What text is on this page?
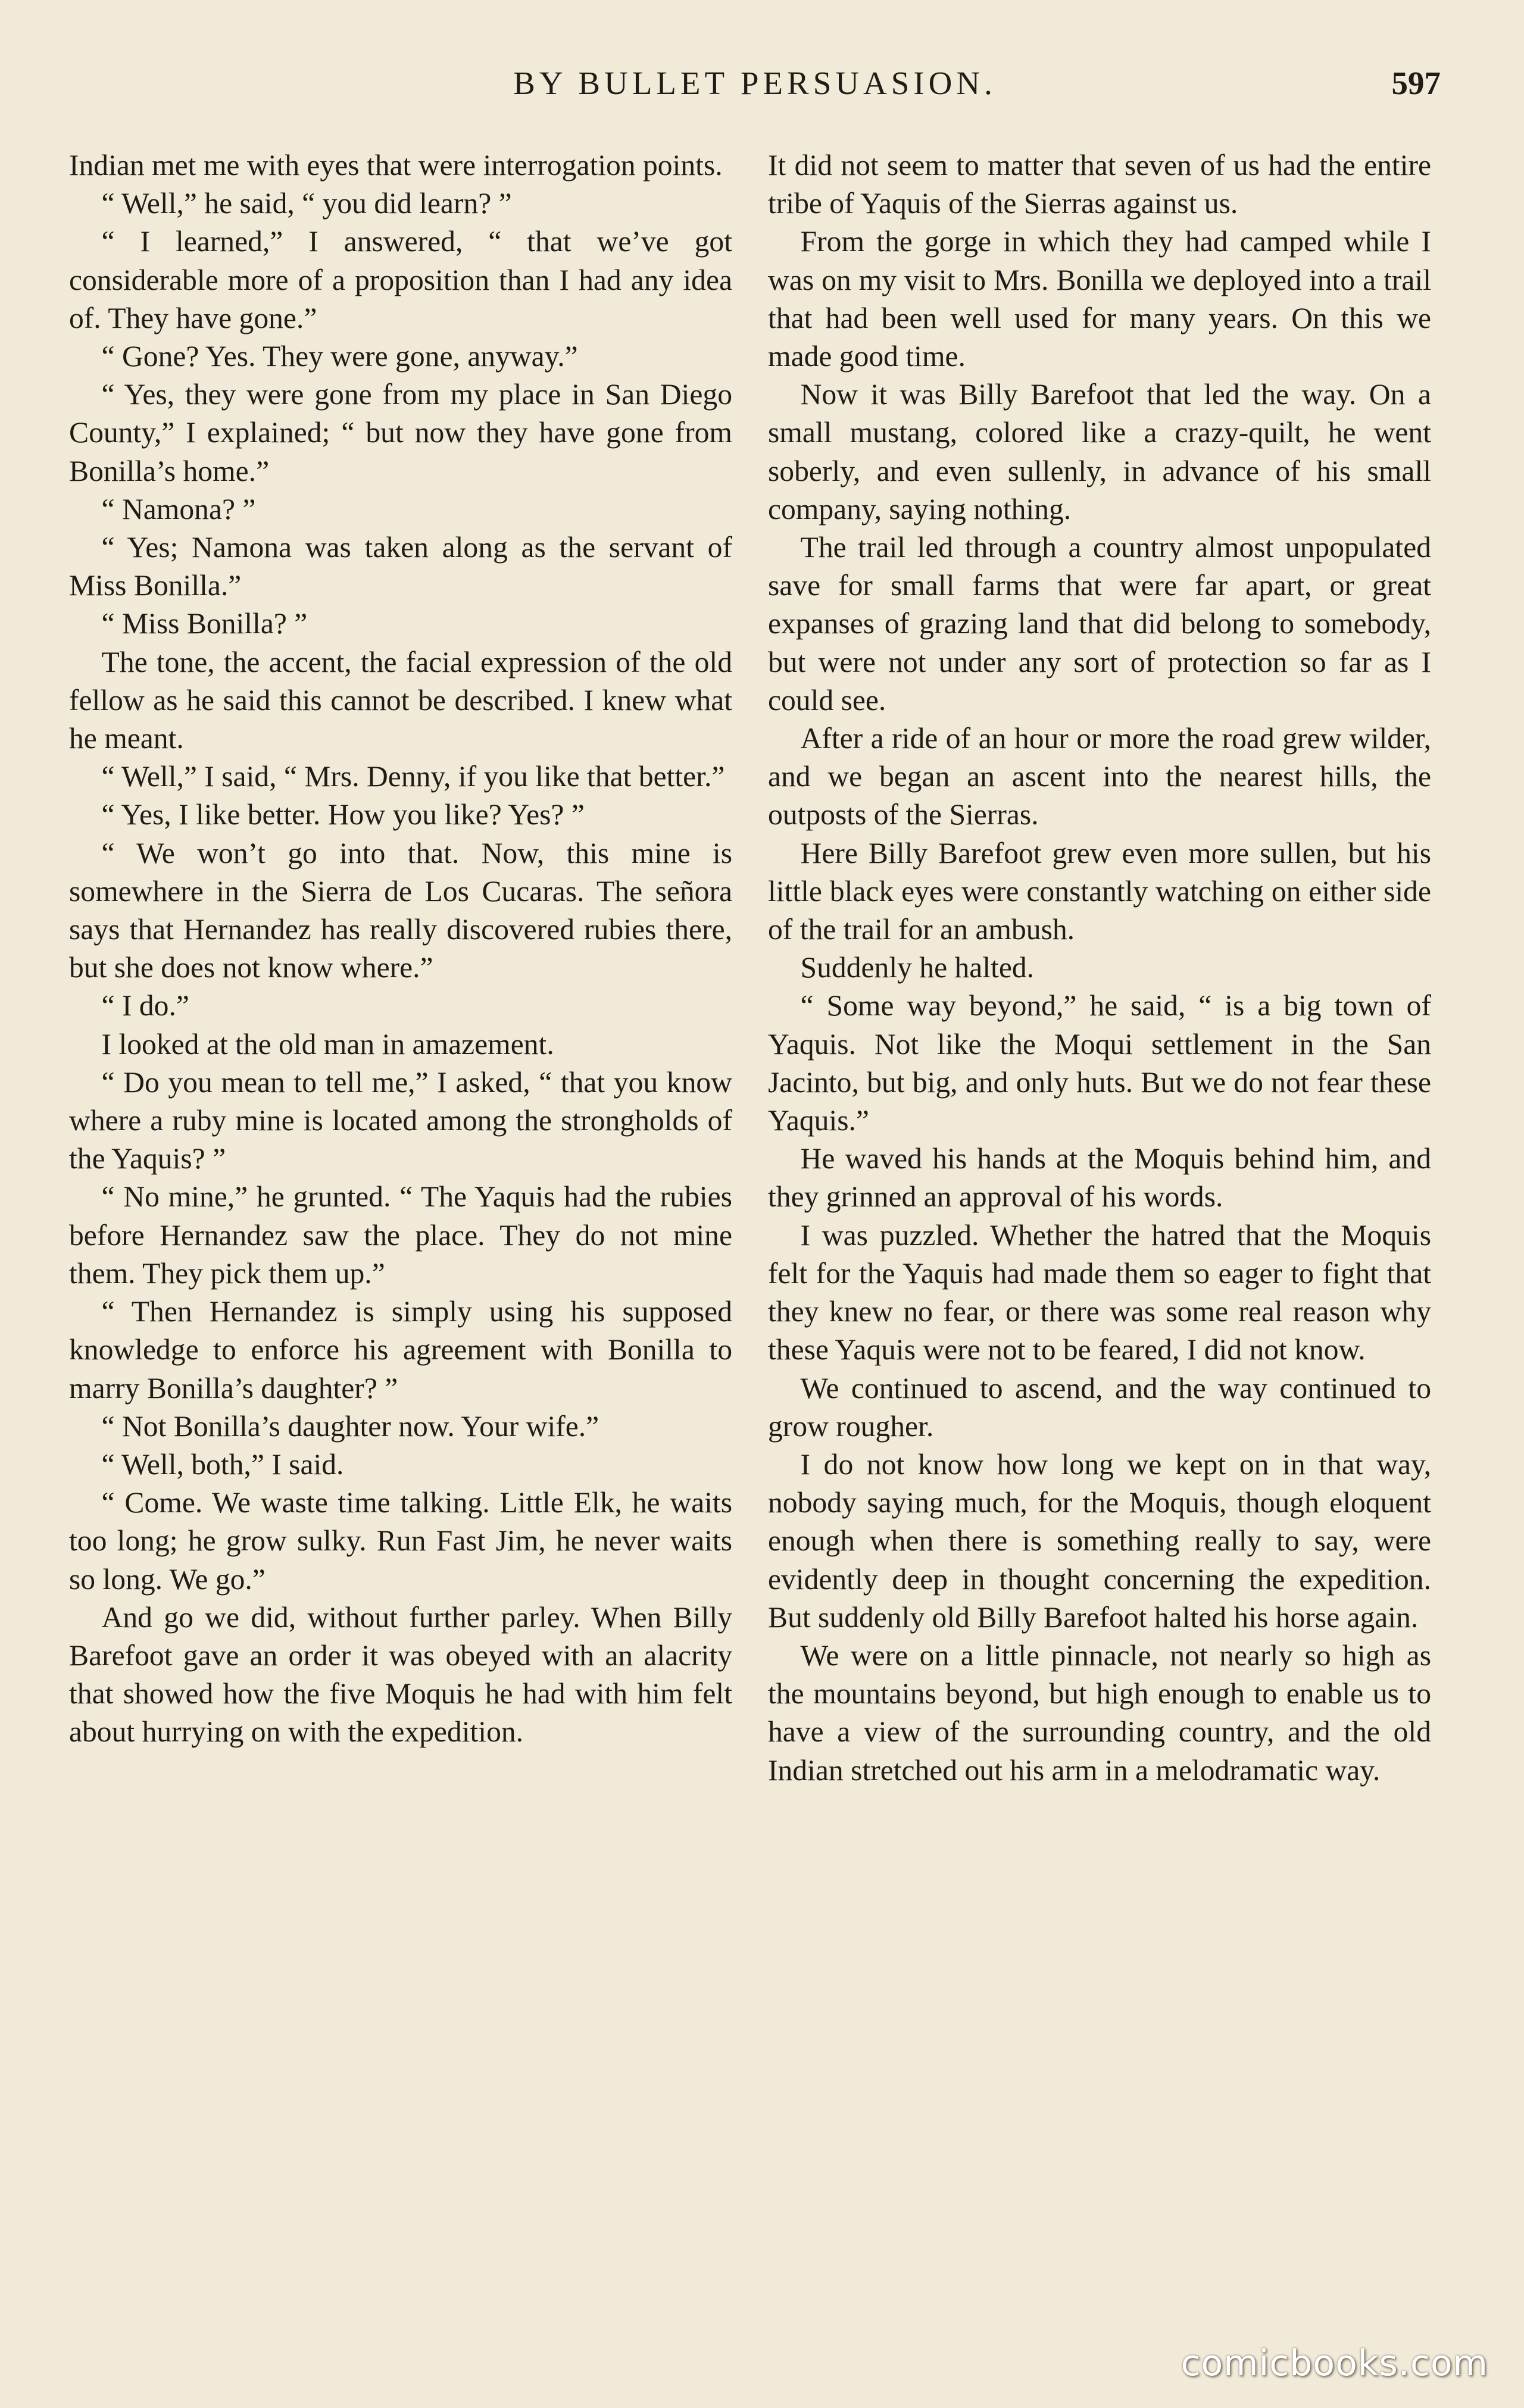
BY BULLET PERSUASION.	597

Indian met me with eyes that were interrogation points.

“ Well,” he said, “ you did learn? ”

“ I learned,” I answered, “ that we’ve got considerable more of a proposition than I had any idea of. They have gone.”

“ Gone? Yes. They were gone, anyway.”

“ Yes, they were gone from my place in San Diego County,” I explained; “ but now they have gone from Bonilla’s home.”

“ Namona? ”

“ Yes; Namona was taken along as the servant of Miss Bonilla.”

“ Miss Bonilla? ”

The tone, the accent, the facial expression of the old fellow as he said this cannot be described. I knew what he meant.

“ Well,” I said, “ Mrs. Denny, if you like that better.”

“ Yes, I like better. How you like? Yes? ”

“ We won’t go into that. Now, this mine is somewhere in the Sierra de Los Cucaras. The señora says that Hernandez has really discovered rubies there, but she does not know where.”

“ I do.”

I looked at the old man in amazement.

“ Do you mean to tell me,” I asked, “ that you know where a ruby mine is located among the strongholds of the Yaquis? ”

“ No mine,” he grunted. “ The Yaquis had the rubies before Hernandez saw the place. They do not mine them. They pick them up.”

“ Then Hernandez is simply using his supposed knowledge to enforce his agreement with Bonilla to marry Bonilla’s daughter? ”

“ Not Bonilla’s daughter now. Your wife.”

“ Well, both,” I said.

“ Come. We waste time talking. Little Elk, he waits too long; he grow sulky. Run Fast Jim, he never waits so long. We go.”

And go we did, without further parley. When Billy Barefoot gave an order it was obeyed with an alacrity that showed how the five Moquis he had with him felt about hurrying on with the expedition.

It did not seem to matter that seven of us had the entire tribe of Yaquis of the Sierras against us.

From the gorge in which they had camped while I was on my visit to Mrs. Bonilla we deployed into a trail that had been well used for many years. On this we made good time.

Now it was Billy Barefoot that led the way. On a small mustang, colored like a crazy-quilt, he went soberly, and even sullenly, in advance of his small company, saying nothing.

The trail led through a country almost unpopulated save for small farms that were far apart, or great expanses of grazing land that did belong to somebody, but were not under any sort of protection so far as I could see.

After a ride of an hour or more the road grew wilder, and we began an ascent into the nearest hills, the outposts of the Sierras.

Here Billy Barefoot grew even more sullen, but his little black eyes were constantly watching on either side of the trail for an ambush.

Suddenly he halted.

“ Some way beyond,” he said, “ is a big town of Yaquis. Not like the Moqui settlement in the San Jacinto, but big, and only huts. But we do not fear these Yaquis.”

He waved his hands at the Moquis behind him, and they grinned an approval of his words.

I was puzzled. Whether the hatred that the Moquis felt for the Yaquis had made them so eager to fight that they knew no fear, or there was some real reason why these Yaquis were not to be feared, I did not know.

We continued to ascend, and the way continued to grow rougher.

I do not know how long we kept on in that way, nobody saying much, for the Moquis, though eloquent enough when there is something really to say, were evidently deep in thought concerning the expedition. But suddenly old Billy Barefoot halted his horse again.

We were on a little pinnacle, not nearly so high as the mountains beyond, but high enough to enable us to have a view of the surrounding country, and the old Indian stretched out his arm in a melodramatic way.

comicbooks.com
